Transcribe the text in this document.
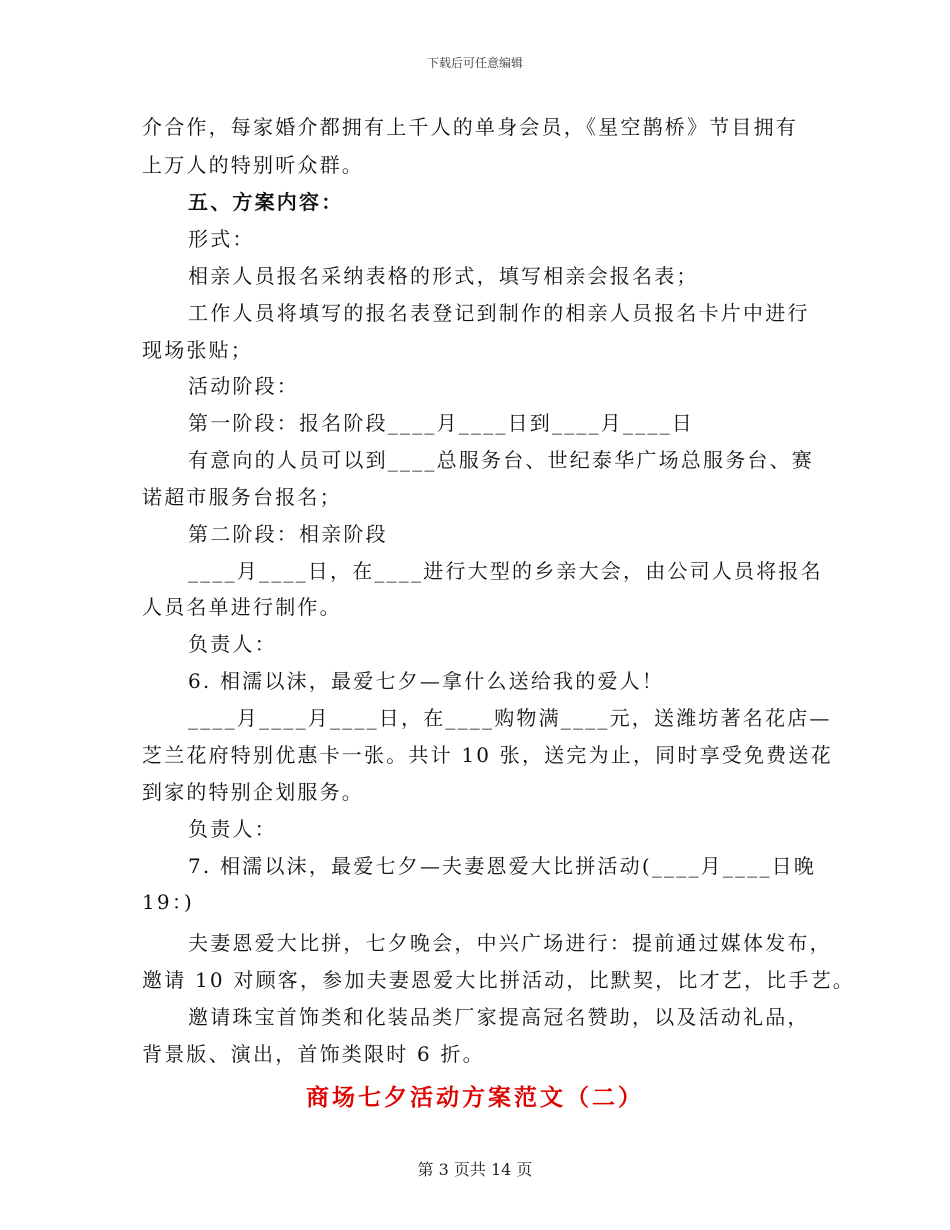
下载后可任意编辑
介合作，每家婚介都拥有上千人的单身会员，《星空鹊桥》节目拥有
上万人的特别听众群。
五、方案内容：
形式：
相亲人员报名采纳表格的形式，填写相亲会报名表；
工作人员将填写的报名表登记到制作的相亲人员报名卡片中进行
现场张贴；
活动阶段：
第一阶段：报名阶段____月____日到____月____日
有意向的人员可以到____总服务台、世纪泰华广场总服务台、赛
诺超市服务台报名；
第二阶段：相亲阶段
____月____日，在____进行大型的乡亲大会，由公司人员将报名
人员名单进行制作。
负责人：
6. 相濡以沫，最爱七夕—拿什么送给我的爱人！
____月____月____日，在____购物满____元，送潍坊著名花店—
芝兰花府特别优惠卡一张。共计 10 张，送完为止，同时享受免费送花
到家的特别企划服务。
负责人：
7. 相濡以沫，最爱七夕—夫妻恩爱大比拼活动(____月____日晚
19：)
夫妻恩爱大比拼，七夕晚会，中兴广场进行：提前通过媒体发布，
邀请 10 对顾客，参加夫妻恩爱大比拼活动，比默契，比才艺，比手艺。
邀请珠宝首饰类和化装品类厂家提高冠名赞助，以及活动礼品，
背景版、演出，首饰类限时 6 折。
商场七夕活动方案范文（二）
第 3 页共 14 页
